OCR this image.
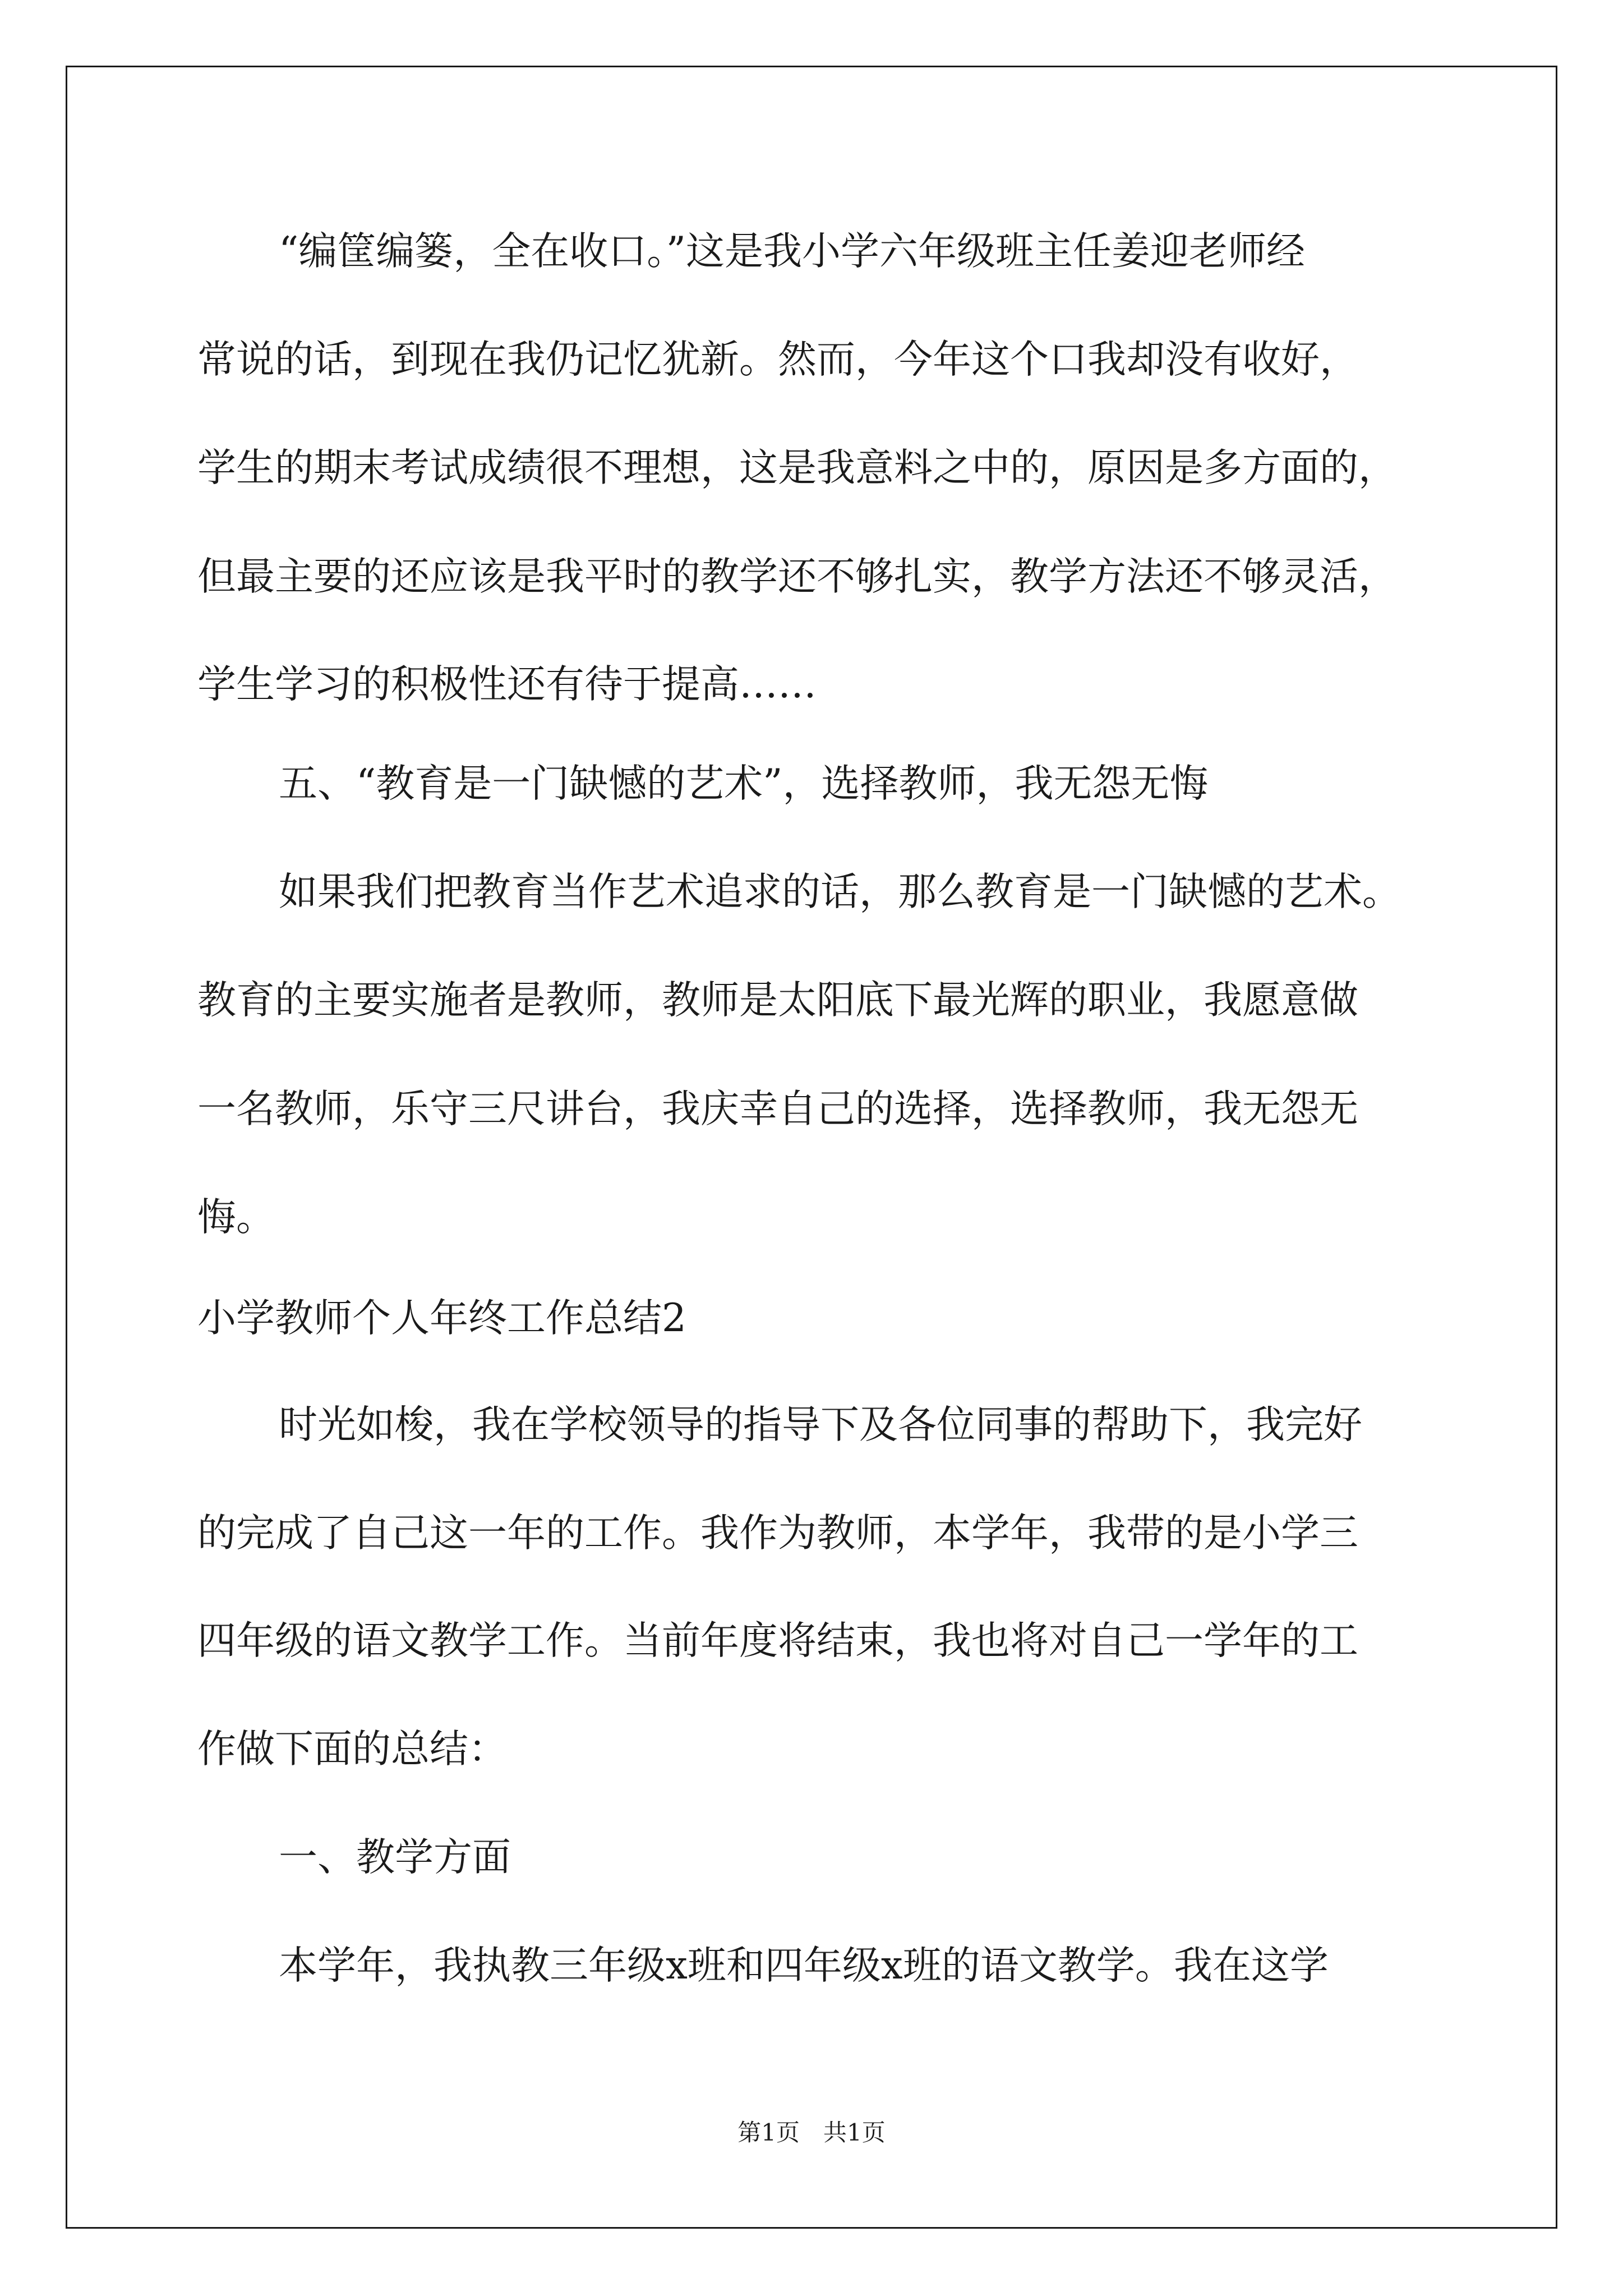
“编筐编篓，全在收口。”这是我小学六年级班主任姜迎老师经

常说的话，到现在我仍记忆犹新。然而，今年这个口我却没有收好，

学生的期末考试成绩很不理想，这是我意料之中的，原因是多方面的，

但最主要的还应该是我平时的教学还不够扎实，教学方法还不够灵活，

学生学习的积极性还有待于提高……

五、“教育是一门缺憾的艺术”，选择教师，我无怨无悔

如果我们把教育当作艺术追求的话，那么教育是一门缺憾的艺术。

教育的主要实施者是教师，教师是太阳底下最光辉的职业，我愿意做

一名教师，乐守三尺讲台，我庆幸自己的选择，选择教师，我无怨无

悔。

小学教师个人年终工作总结2

时光如梭，我在学校领导的指导下及各位同事的帮助下，我完好

的完成了自己这一年的工作。我作为教师，本学年，我带的是小学三

四年级的语文教学工作。当前年度将结束，我也将对自己一学年的工

作做下面的总结：

一、教学方面

本学年，我执教三年级x班和四年级x班的语文教学。我在这学

第1页　共1页
